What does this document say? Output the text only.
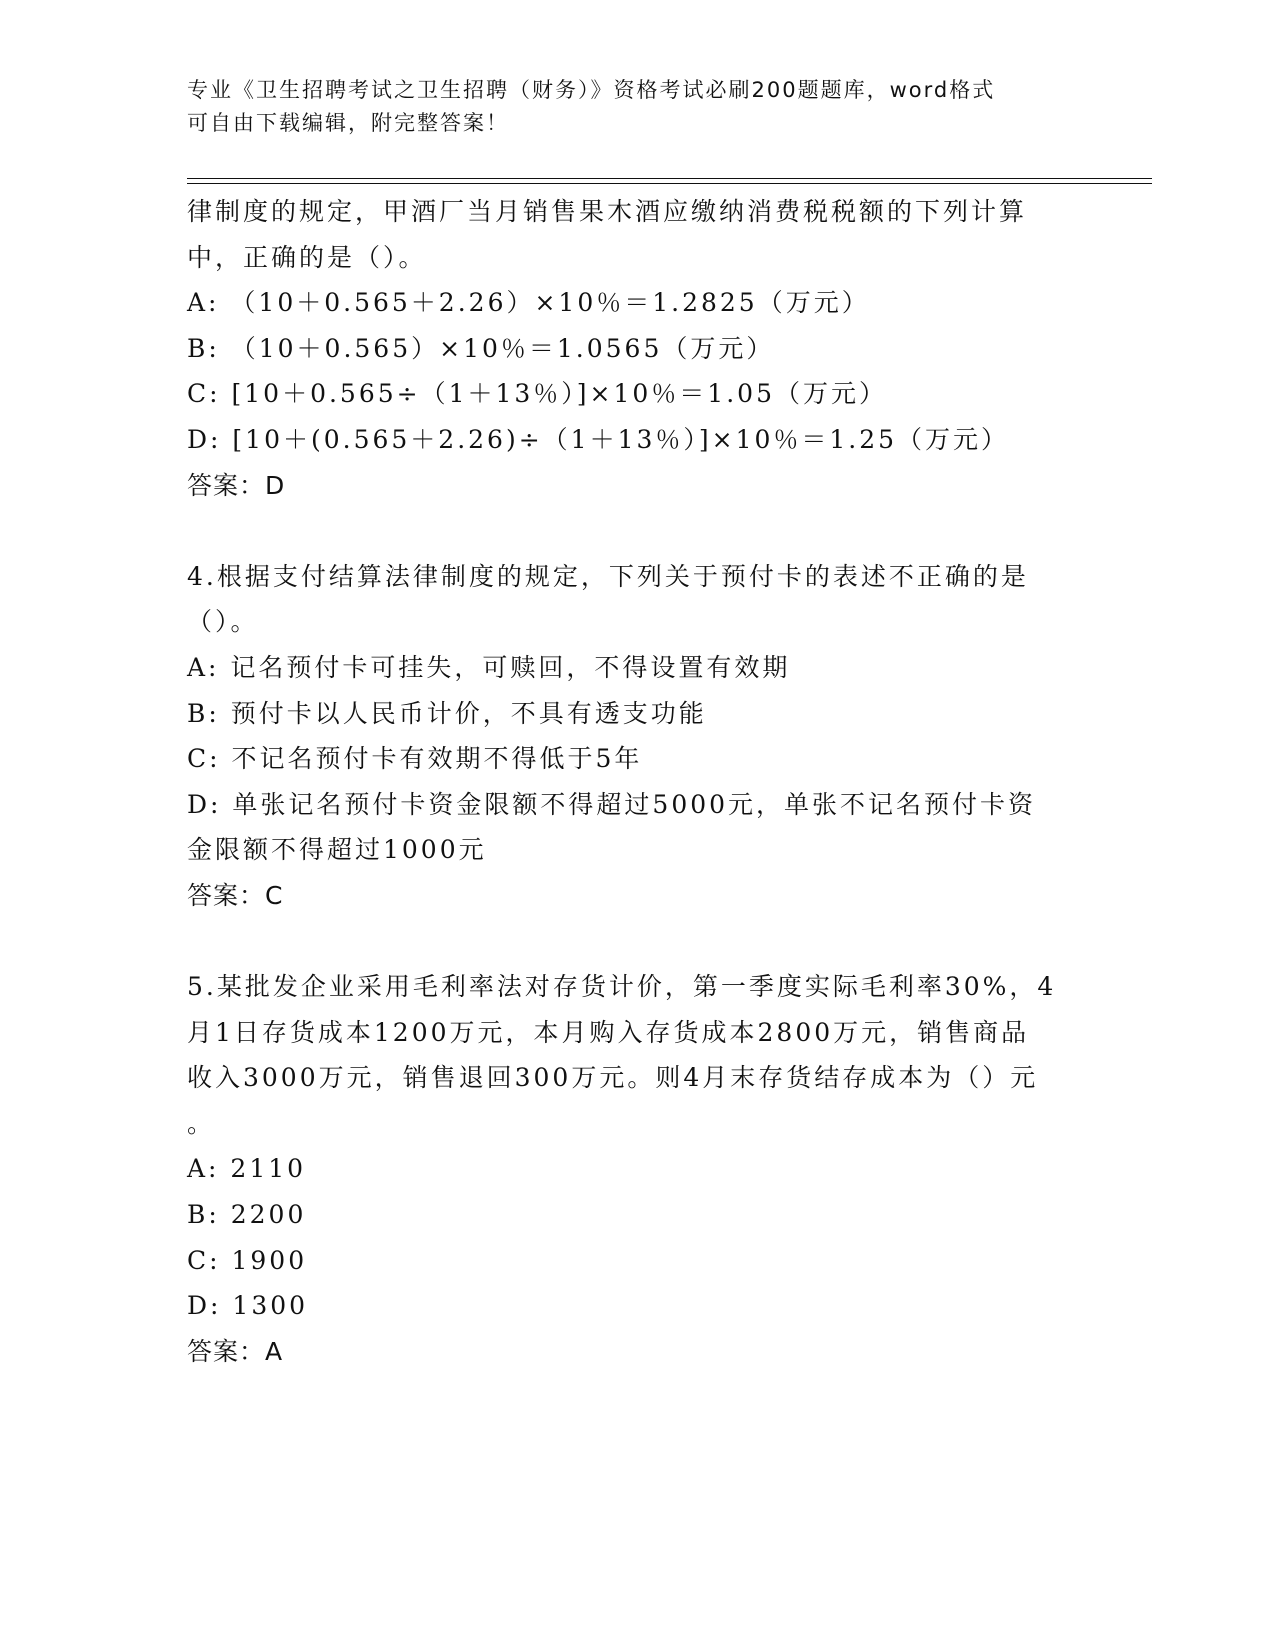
专业《卫生招聘考试之卫生招聘（财务）》资格考试必刷200题题库，word格式
可自由下载编辑，附完整答案！
律制度的规定，甲酒厂当月销售果木酒应缴纳消费税税额的下列计算
中，正确的是（）。
A: （10＋0.565＋2.26）×10％＝1.2825（万元）
B: （10＋0.565）×10％＝1.0565（万元）
C: [10＋0.565÷（1＋13％）]×10％＝1.05（万元）
D: [10＋(0.565＋2.26)÷（1＋13％）]×10％＝1.25（万元）
答案：D
4.根据支付结算法律制度的规定，下列关于预付卡的表述不正确的是
（）。
A: 记名预付卡可挂失，可赎回，不得设置有效期
B: 预付卡以人民币计价，不具有透支功能
C: 不记名预付卡有效期不得低于5年
D: 单张记名预付卡资金限额不得超过5000元，单张不记名预付卡资
金限额不得超过1000元
答案：C
5.某批发企业采用毛利率法对存货计价，第一季度实际毛利率30%，4
月1日存货成本1200万元，本月购入存货成本2800万元，销售商品
收入3000万元，销售退回300万元。则4月末存货结存成本为（）元
。
A: 2110
B: 2200
C: 1900
D: 1300
答案：A
